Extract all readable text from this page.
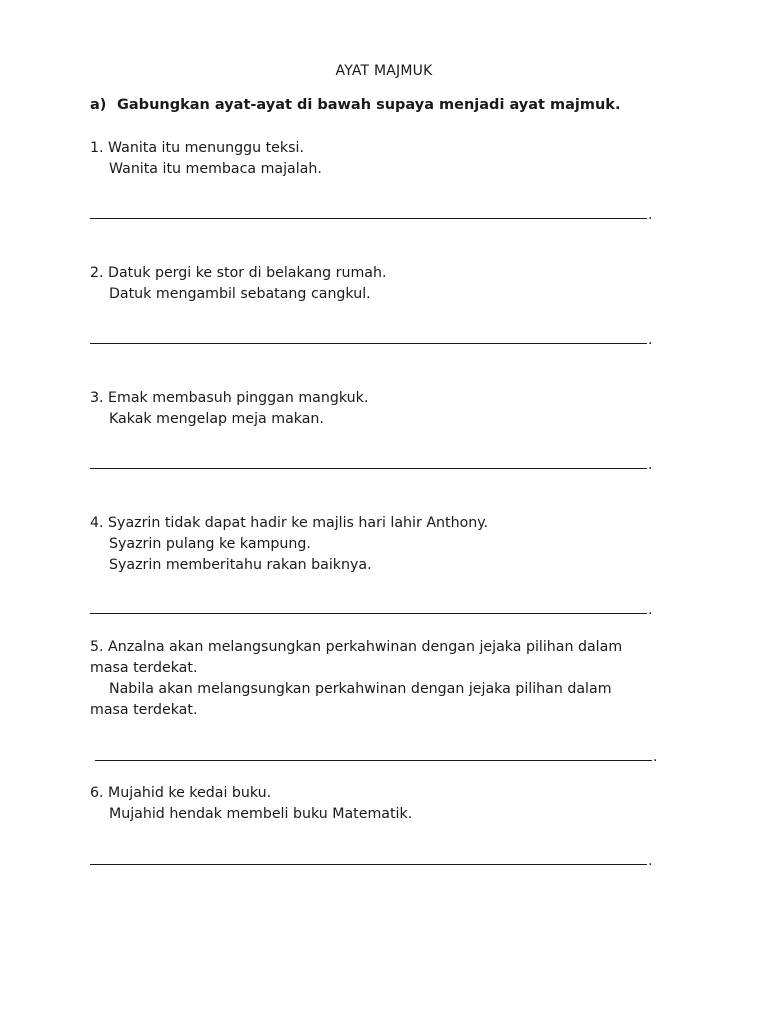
AYAT MAJMUK
a) Gabungkan ayat-ayat di bawah supaya menjadi ayat majmuk.
1. Wanita itu menunggu teksi.
Wanita itu membaca majalah.
.
2. Datuk pergi ke stor di belakang rumah.
Datuk mengambil sebatang cangkul.
.
3. Emak membasuh pinggan mangkuk.
Kakak mengelap meja makan.
.
4. Syazrin tidak dapat hadir ke majlis hari lahir Anthony.
Syazrin pulang ke kampung.
Syazrin memberitahu rakan baiknya.
.
5. Anzalna akan melangsungkan perkahwinan dengan jejaka pilihan dalam
masa terdekat.
Nabila akan melangsungkan perkahwinan dengan jejaka pilihan dalam
masa terdekat.
.
6. Mujahid ke kedai buku.
Mujahid hendak membeli buku Matematik.
.
